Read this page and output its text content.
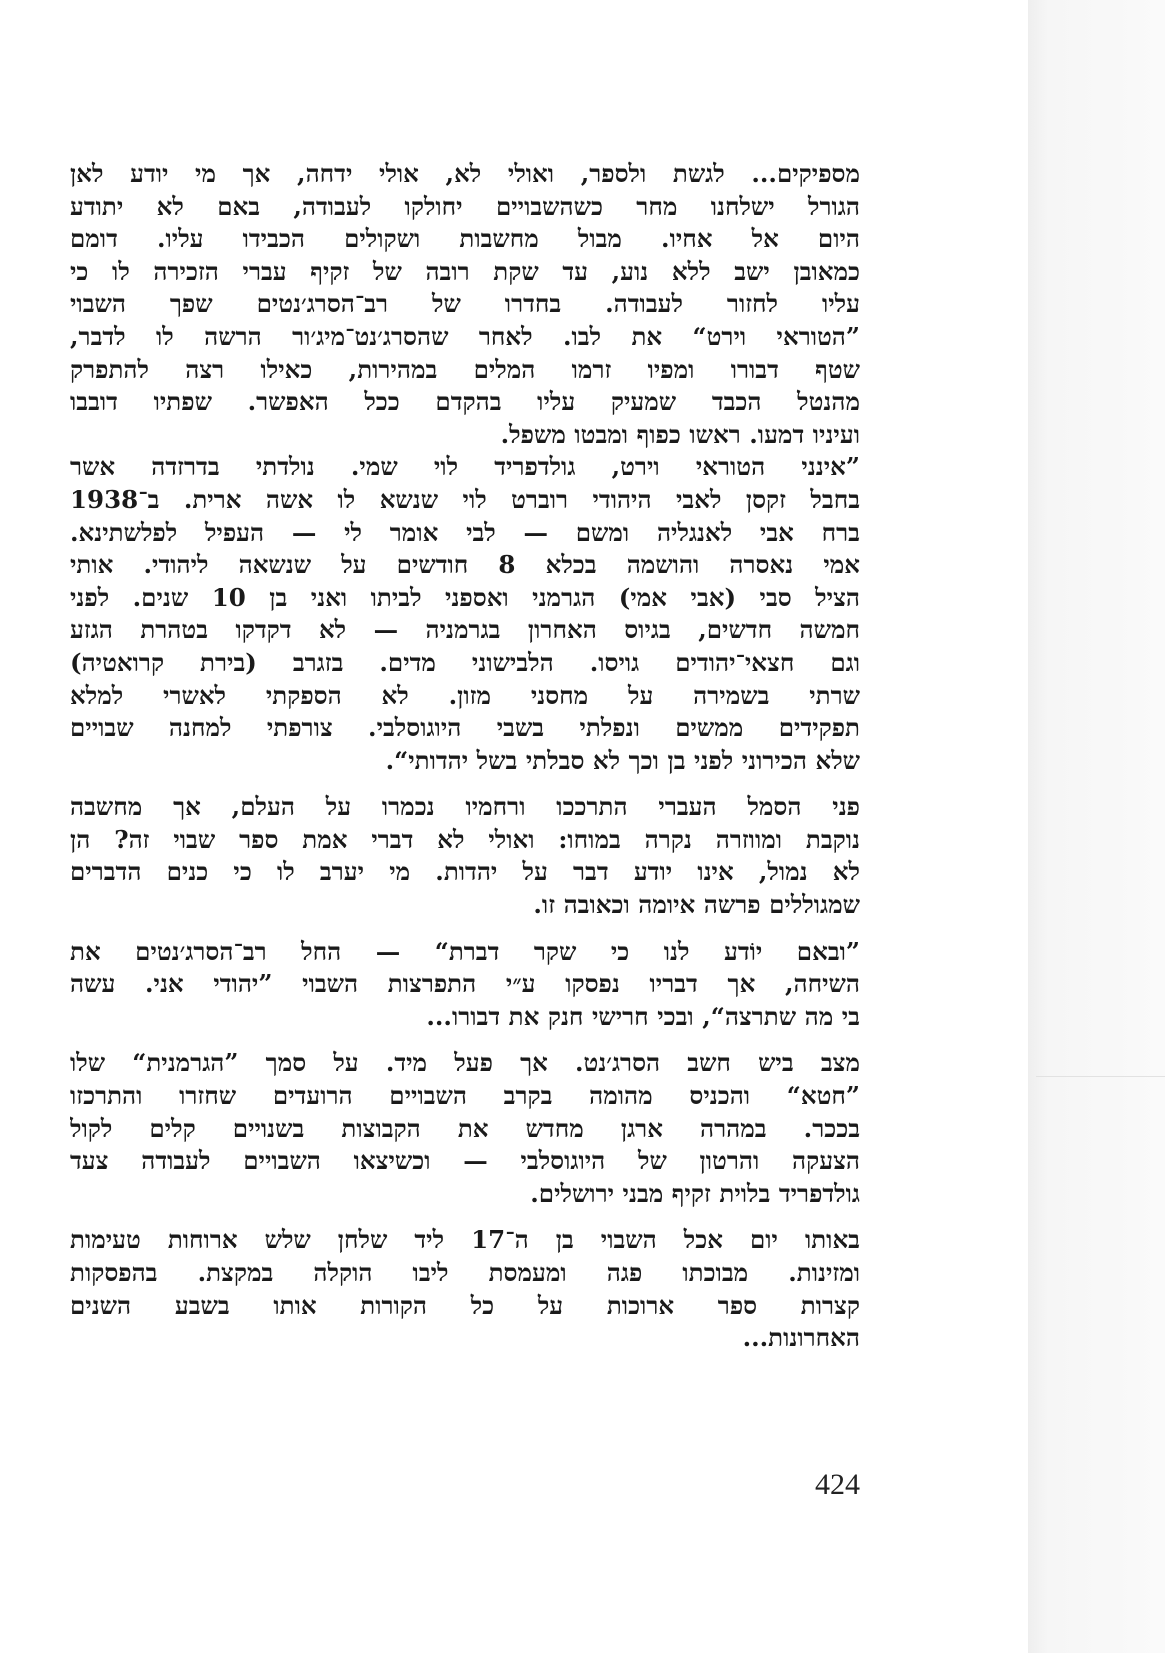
מספיקים... לגשת ולספר, ואולי לא, אולי ידחה, אך מי יודע לאן
הגורל ישלחנו מחר כשהשבויים יחולקו לעבודה, באם לא יתודע
היום אל אחיו. מבול מחשבות ושקולים הכבידו עליו. דומם
כמאובן ישב ללא נוע, עד שקת רובה של זקיף עברי הזכירה לו כי
עליו לחזור לעבודה. בחדרו של רב־הסרג׳נטים שפך השבוי
”הטוראי וירט“ את לבו. לאחר שהסרג׳נט־מיג׳ור הרשה לו לדבר,
שטף דבורו ומפיו זרמו המלים במהירות, כאילו רצה להתפרק
מהנטל הכבד שמעיק עליו בהקדם ככל האפשר. שפתיו דובבו
ועיניו דמעו. ראשו כפוף ומבטו משפל.
”אינני הטוראי וירט, גולדפריד לוי שמי. נולדתי בדרזדה אשר
בחבל זקסן לאבי היהודי רוברט לוי שנשא לו אשה ארית. ב־1938
ברח אבי לאנגליה ומשם — לבי אומר לי — העפיל לפלשתינא.
אמי נאסרה והושמה בכלא 8 חודשים על שנשאה ליהודי. אותי
הציל סבי (אבי אמי) הגרמני ואספני לביתו ואני בן 10 שנים. לפני
חמשה חדשים, בגיוס האחרון בגרמניה — לא דקדקו בטהרת הגזע
וגם חצאי־יהודים גויסו. הלבישוני מדים. בזגרב (בירת קרואטיה)
שרתי בשמירה על מחסני מזון. לא הספקתי לאשרי למלא
תפקידים ממשים ונפלתי בשבי היוגוסלבי. צורפתי למחנה שבויים
שלא הכירוני לפני בן וכך לא סבלתי בשל יהדותי“.
פני הסמל העברי התרככו ורחמיו נכמרו על העלם, אך מחשבה
נוקבת ומווזרה נקרה במוחו: ואולי לא דברי אמת ספר שבוי זה? הן
לא נמול, אינו יודע דבר על יהדות. מי יערב לו כי כנים הדברים
שמגוללים פרשה איומה וכאובה זו.
”ובאם יוֹדע לנו כי שקר דברת“ — החל רב־הסרג׳נטים את
השיחה, אך דבריו נפסקו ע״י התפרצות השבוי ”יהודי אני. עשה
בי מה שתרצה“, ובכי חרישי חנק את דבורו...
מצב ביש חשב הסרג׳נט. אך פעל מיד. על סמך ”הגרמנית“ שלו
”חטא“ והכניס מהומה בקרב השבויים הרועדים שחזרו והתרכזו
בככר. במהרה ארגן מחדש את הקבוצות בשנויים קלים לקול
הצעקה והרטון של היוגוסלבי — וכשיצאו השבויים לעבודה צעד
גולדפריד בלוית זקיף מבני ירושלים.
באותו יום אכל השבוי בן ה־17 ליד שלחן שלש ארוחות טעימות
ומזינות. מבוכתו פגה ומעמסת ליבו הוקלה במקצת. בהפסקות
קצרות ספר ארוכות על כל הקורות אותו בשבע השנים
האחרונות...
424
